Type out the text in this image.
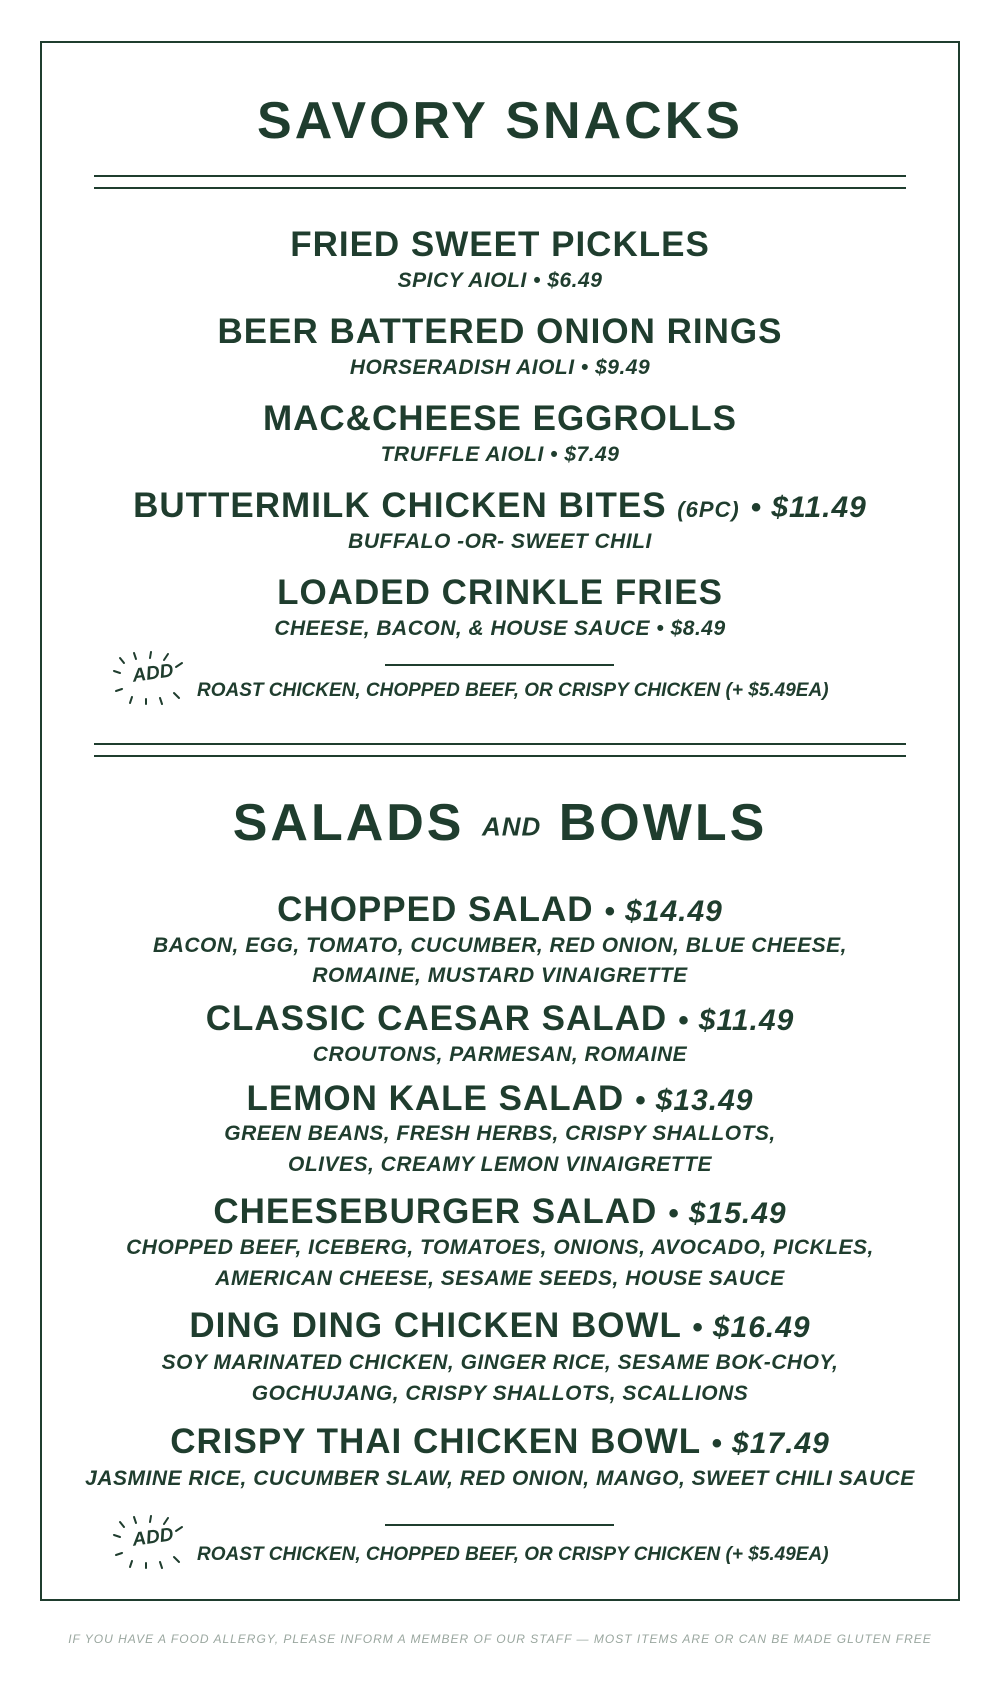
SAVORY SNACKS
FRIED SWEET PICKLES
SPICY AIOLI • $6.49
BEER BATTERED ONION RINGS
HORSERADISH AIOLI • $9.49
MAC&CHEESE EGGROLLS
TRUFFLE AIOLI • $7.49
BUTTERMILK CHICKEN BITES (6PC) • $11.49
BUFFALO -OR- SWEET CHILI
LOADED CRINKLE FRIES
CHEESE, BACON, & HOUSE SAUCE • $8.49
ADD
ROAST CHICKEN, CHOPPED BEEF, OR CRISPY CHICKEN (+ $5.49EA)
SALADS AND BOWLS
CHOPPED SALAD • $14.49
BACON, EGG, TOMATO, CUCUMBER, RED ONION, BLUE CHEESE,
ROMAINE, MUSTARD VINAIGRETTE
CLASSIC CAESAR SALAD • $11.49
CROUTONS, PARMESAN, ROMAINE
LEMON KALE SALAD • $13.49
GREEN BEANS, FRESH HERBS, CRISPY SHALLOTS,
OLIVES, CREAMY LEMON VINAIGRETTE
CHEESEBURGER SALAD • $15.49
CHOPPED BEEF, ICEBERG, TOMATOES, ONIONS, AVOCADO, PICKLES,
AMERICAN CHEESE, SESAME SEEDS, HOUSE SAUCE
DING DING CHICKEN BOWL • $16.49
SOY MARINATED CHICKEN, GINGER RICE, SESAME BOK-CHOY,
GOCHUJANG, CRISPY SHALLOTS, SCALLIONS
CRISPY THAI CHICKEN BOWL • $17.49
JASMINE RICE, CUCUMBER SLAW, RED ONION, MANGO, SWEET CHILI SAUCE
ADD
ROAST CHICKEN, CHOPPED BEEF, OR CRISPY CHICKEN (+ $5.49EA)
IF YOU HAVE A FOOD ALLERGY, PLEASE INFORM A MEMBER OF OUR STAFF — MOST ITEMS ARE OR CAN BE MADE GLUTEN FREE
